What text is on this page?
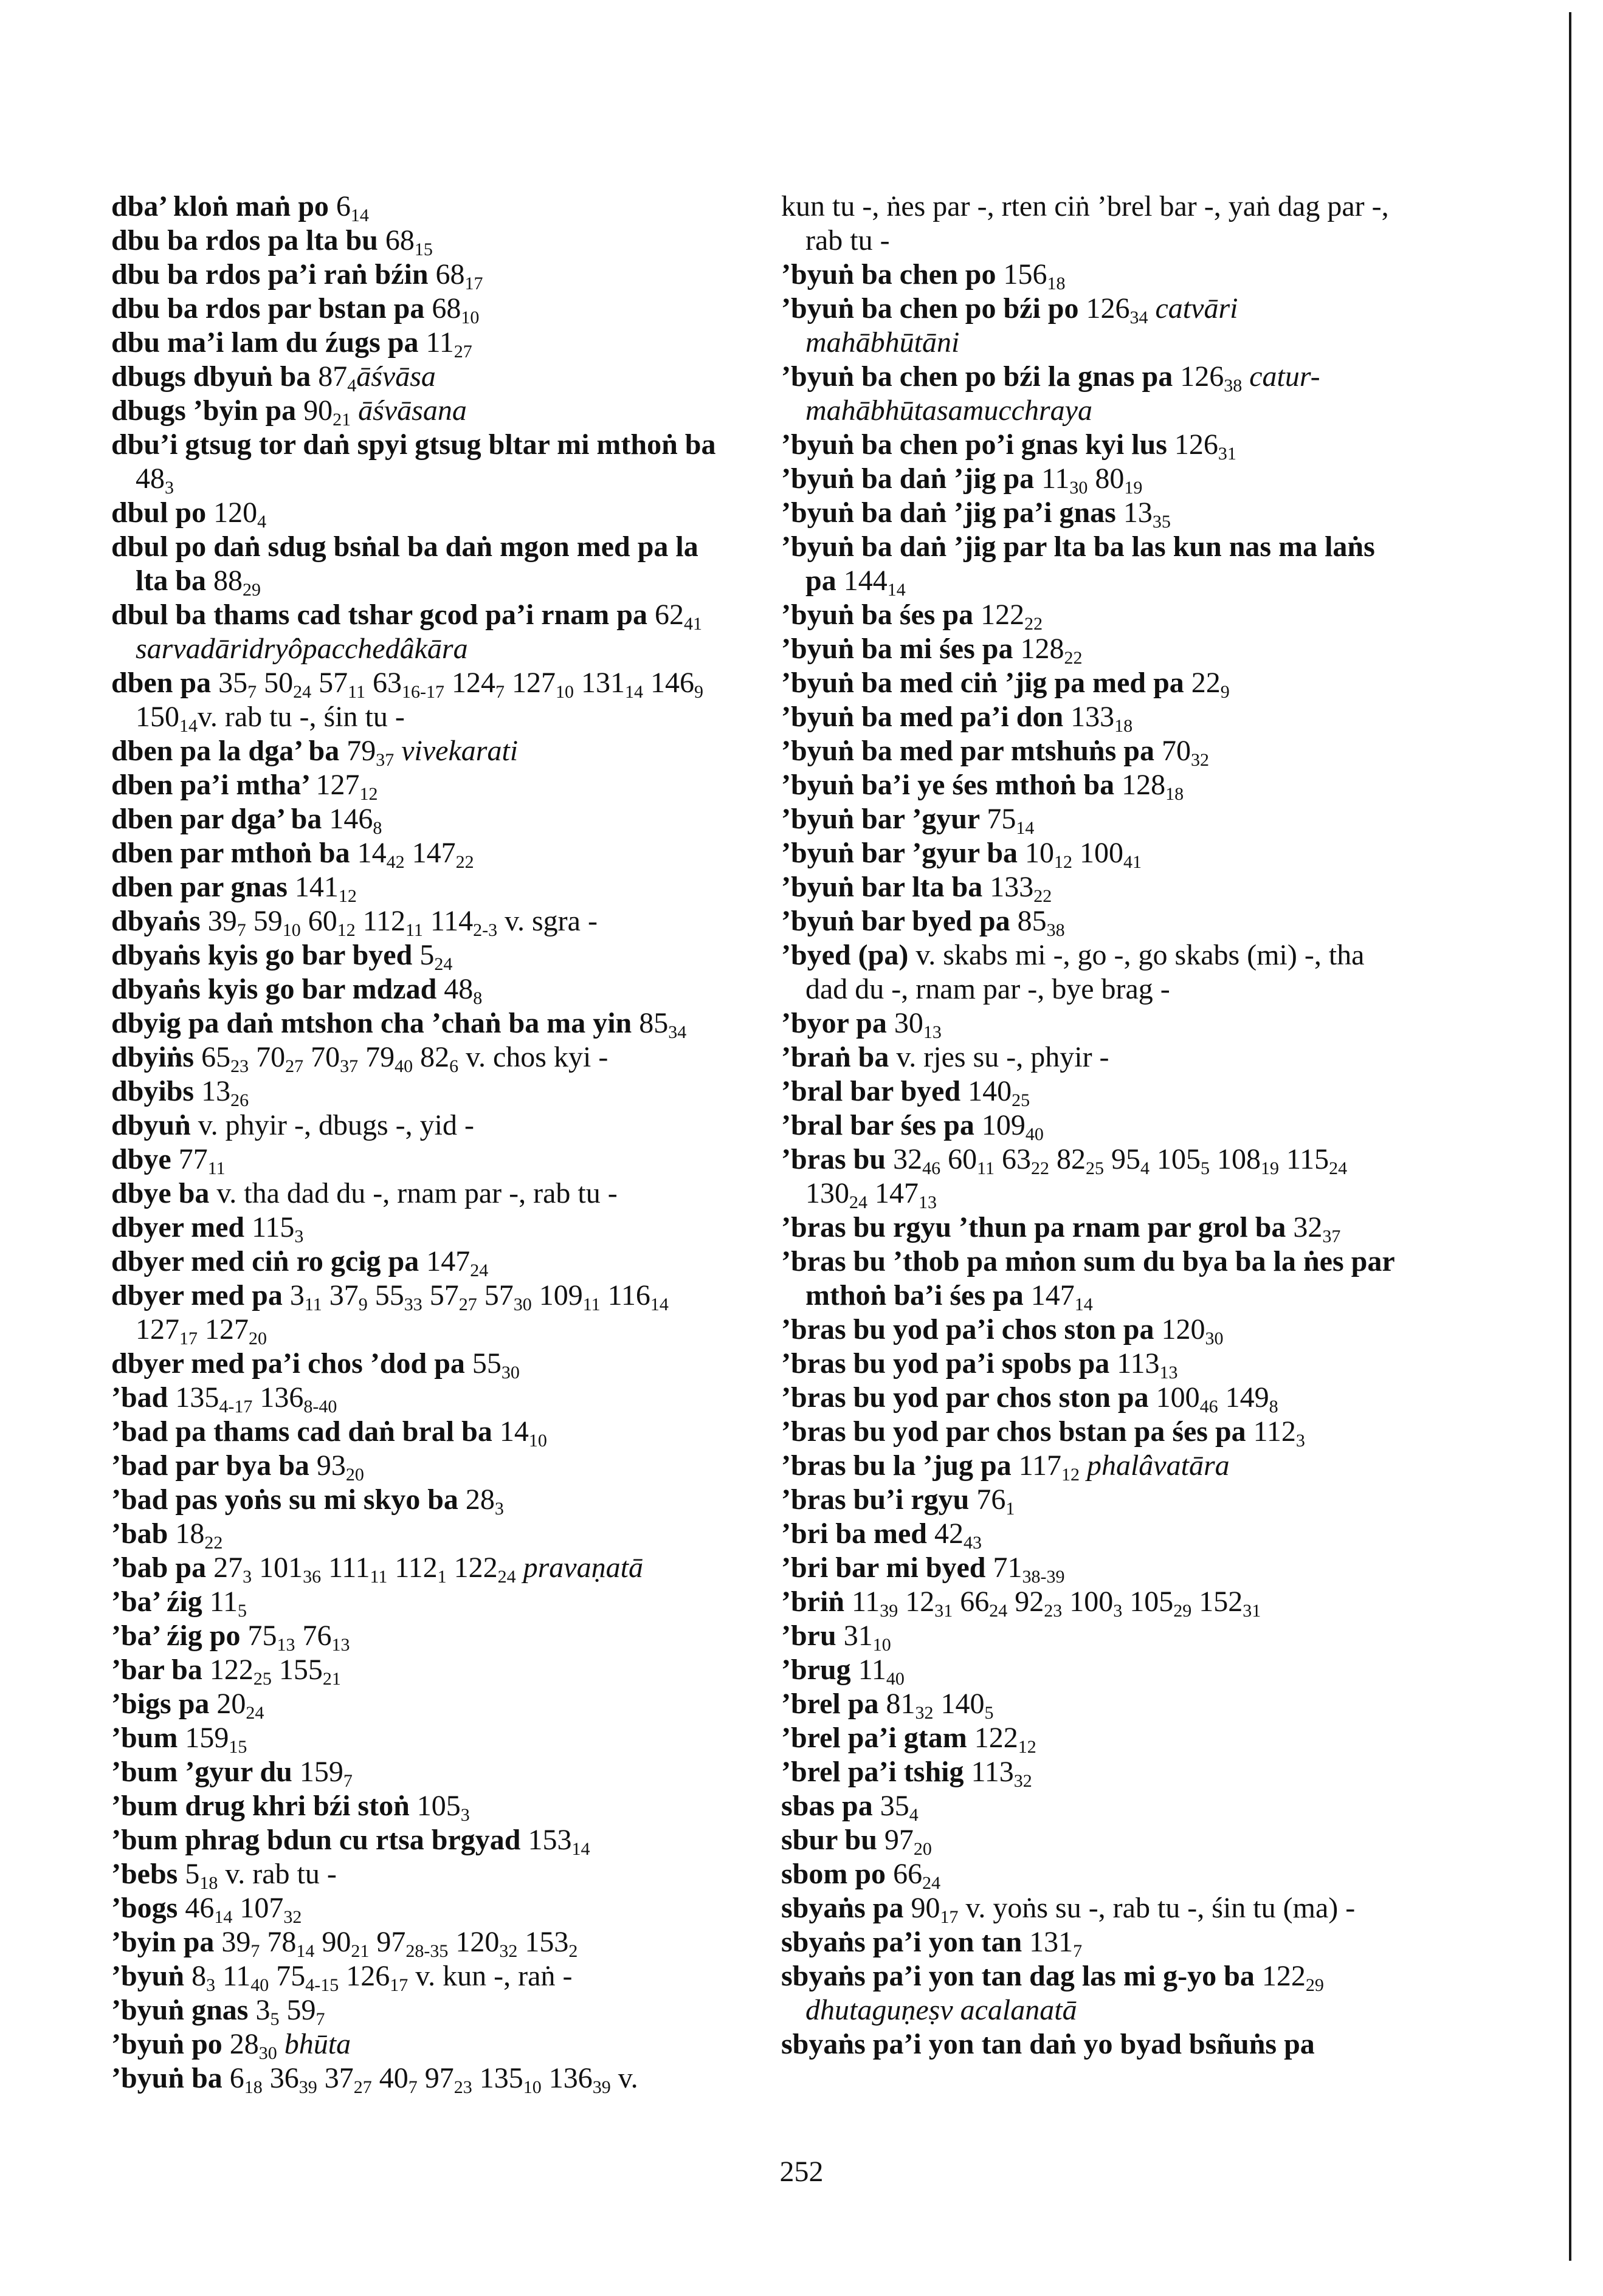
dba’ kloṅ maṅ po $6_{14}$

dbu ba rdos pa lta bu $68_{15}$

dbu ba rdos pa’i raṅ bźin $68_{17}$

dbu ba rdos par bstan pa $68_{10}$

dbu ma’i lam du źugs pa $11_{27}$

dbugs dbyuṅ ba $87_4āśvāsa$

dbugs ’byin pa $90_{21}$ āśvāsana

dbu’i gtsug tor daṅ spyi gtsug bltar mi mthoṅ ba $48_3$

dbul po $120_4$

dbul po daṅ sdug bsṅal ba daṅ mgon med pa la lta ba $88_{29}$

dbul ba thams cad tshar gcod pa’i rnam pa $62_{41}$ sarvadāridryôpacchedâkāra

dben pa $35_7$ $50_{24}$ $57_{11}$ $63_{16-17}$ $124_7$ $127_{10}$ $131_{14}$ $146_9$ $150_{14}v$. rab tu -, śin tu -

dben pa la dga’ ba $79_{37}$ vivekarati

dben pa’i mtha’ $127_{12}$

dben par dga’ ba $146_8$

dben par mthoṅ ba $14_{42}$ $147_{22}$

dben par gnas $141_{12}$

dbyaṅs $39_7$ $59_{10}$ $60_{12}$ $112_{11}$ $114_{2-3}$ v. sgra -

dbyaṅs kyis go bar byed $5_{24}$

dbyaṅs kyis go bar mdzad $48_8$

dbyig pa daṅ mtshon cha ’chaṅ ba ma yin $85_{34}$

dbyiṅs $65_{23}$ $70_{27}$ $70_{37}$ $79_{40}$ $82_6$ v. chos kyi -

dbyibs $13_{26}$

dbyuṅ v. phyir -, dbugs -, yid -

dbye $77_{11}$

dbye ba v. tha dad du -, rnam par -, rab tu -

dbyer med $115_3$

dbyer med ciṅ ro gcig pa $147_{24}$

dbyer med pa $3_{11}$ $37_9$ $55_{33}$ $57_{27}$ $57_{30}$ $109_{11}$ $116_{14}$ $127_{17}$ $127_{20}$

dbyer med pa’i chos ’dod pa $55_{30}$

’bad $135_{4-17}$ $136_{8-40}$

’bad pa thams cad daṅ bral ba $14_{10}$

’bad par bya ba $93_{20}$

’bad pas yoṅs su mi skyo ba $28_3$

’bab $18_{22}$

’bab pa $27_3$ $101_{36}$ $111_{11}$ $112_1$ $122_{24}$ pravaṇatā

’ba’ źig $11_5$

’ba’ źig po $75_{13}$ $76_{13}$

’bar ba $122_{25}$ $155_{21}$

’bigs pa $20_{24}$

’bum $159_{15}$

’bum ’gyur du $159_7$

’bum drug khri bźi stoṅ $105_3$

’bum phrag bdun cu rtsa brgyad $153_{14}$

’bebs $5_{18}$ v. rab tu -

’bogs $46_{14}$ $107_{32}$

’byin pa $39_7$ $78_{14}$ $90_{21}$ $97_{28-35}$ $120_{32}$ $153_2$

’byuṅ $8_3$ $11_{40}$ $75_{4-15}$ $126_{17}$ v. kun -, raṅ -

’byuṅ gnas $3_5$ $59_7$

’byuṅ po $28_{30}$ bhūta

’byuṅ ba $6_{18}$ $36_{39}$ $37_{27}$ $40_7$ $97_{23}$ $135_{10}$ $136_{39}$ v.

kun tu -, ṅes par -, rten ciṅ ’brel bar -, yaṅ dag par -, rab tu -

’byuṅ ba chen po $156_{18}$

’byuṅ ba chen po bźi po $126_{34}$ catvāri mahābhūtāni

’byuṅ ba chen po bźi la gnas pa $126_{38}$ catur-mahābhūtasamucchraya

’byuṅ ba chen po’i gnas kyi lus $126_{31}$

’byuṅ ba daṅ ’jig pa $11_{30}$ $80_{19}$

’byuṅ ba daṅ ’jig pa’i gnas $13_{35}$

’byuṅ ba daṅ ’jig par lta ba las kun nas ma laṅs pa $144_{14}$

’byuṅ ba śes pa $122_{22}$

’byuṅ ba mi śes pa $128_{22}$

’byuṅ ba med ciṅ ’jig pa med pa $22_9$

’byuṅ ba med pa’i don $133_{18}$

’byuṅ ba med par mtshuṅs pa $70_{32}$

’byuṅ ba’i ye śes mthoṅ ba $128_{18}$

’byuṅ bar ’gyur $75_{14}$

’byuṅ bar ’gyur ba $10_{12}$ $100_{41}$

’byuṅ bar lta ba $133_{22}$

’byuṅ bar byed pa $85_{38}$

’byed (pa) v. skabs mi -, go -, go skabs (mi) -, tha dad du -, rnam par -, bye brag -

’byor pa $30_{13}$

’braṅ ba v. rjes su -, phyir -

’bral bar byed $140_{25}$

’bral bar śes pa $109_{40}$

’bras bu $32_{46}$ $60_{11}$ $63_{22}$ $82_{25}$ $95_4$ $105_5$ $108_{19}$ $115_{24}$ $130_{24}$ $147_{13}$

’bras bu rgyu ’thun pa rnam par grol ba $32_{37}$

’bras bu ’thob pa mṅon sum du bya ba la ṅes par mthoṅ ba’i śes pa $147_{14}$

’bras bu yod pa’i chos ston pa $120_{30}$

’bras bu yod pa’i spobs pa $113_{13}$

’bras bu yod par chos ston pa $100_{46}$ $149_8$

’bras bu yod par chos bstan pa śes pa $112_3$

’bras bu la ’jug pa $117_{12}$ phalâvatāra

’bras bu’i rgyu $76_1$

’bri ba med $42_{43}$

’bri bar mi byed $71_{38-39}$

’briṅ $11_{39}$ $12_{31}$ $66_{24}$ $92_{23}$ $100_3$ $105_{29}$ $152_{31}$

’bru $31_{10}$

’brug $11_{40}$

’brel pa $81_{32}$ $140_5$

’brel pa’i gtam $122_{12}$

’brel pa’i tshig $113_{32}$

sbas pa $35_4$

sbur bu $97_{20}$

sbom po $66_{24}$

sbyaṅs pa $90_{17}$ v. yoṅs su -, rab tu -, śin tu (ma) -

sbyaṅs pa’i yon $\tan 131_7$

sbyaṅs pa’i yon tan dag las mi g-yo ba $122_{29}$ dhutaguṇeṣv acalanatā

sbyaṅs pa’i yon tan daṅ yo byad bsñuṅs pa

252
